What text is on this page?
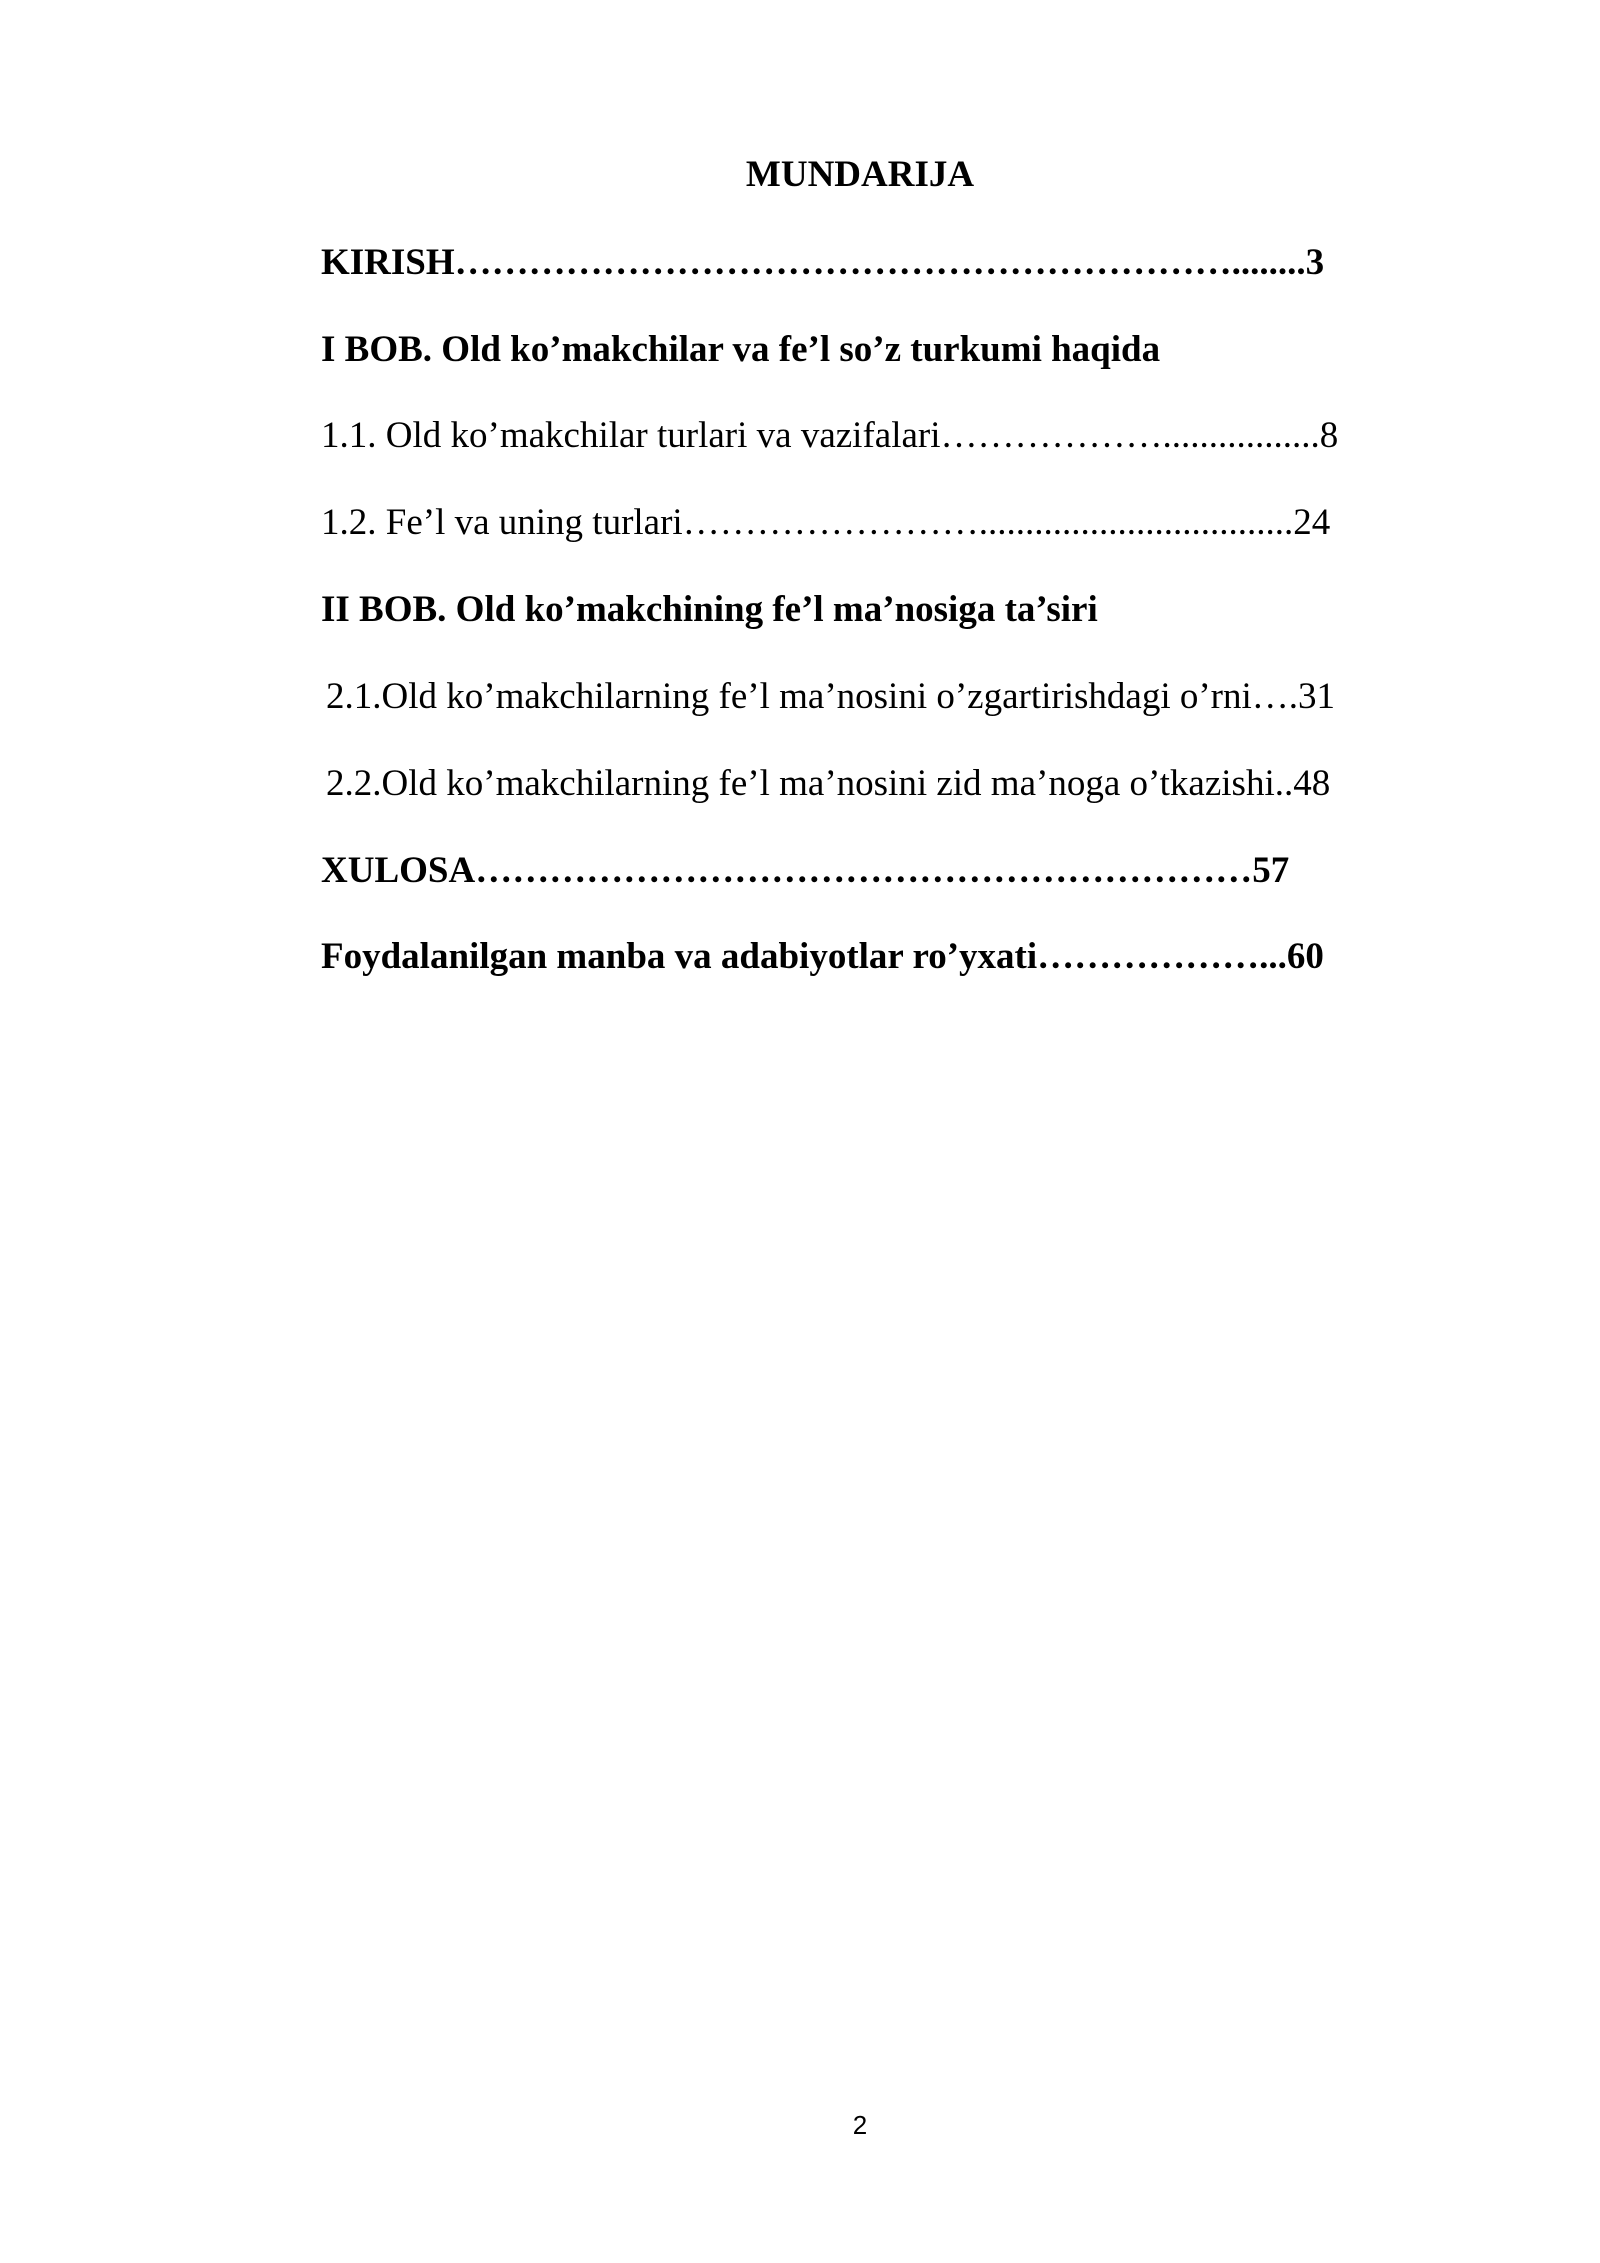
MUNDARIJA
KIRISH………………………………………………………........3
I BOB. Old ko’makchilar va fe’l so’z turkumi haqida
1.1. Old ko’makchilar turlari va vazifalari……………….................8
1.2. Fe’l va uning turlari……………………..................................24
II BOB. Old ko’makchining fe’l ma’nosiga ta’siri
2.1.Old ko’makchilarning fe’l ma’nosini o’zgartirishdagi o’rni….31
2.2.Old ko’makchilarning fe’l ma’nosini zid ma’noga o’tkazishi..48
XULOSA………………………………………………………57
Foydalanilgan manba va adabiyotlar ro’yxati………………...60
2
